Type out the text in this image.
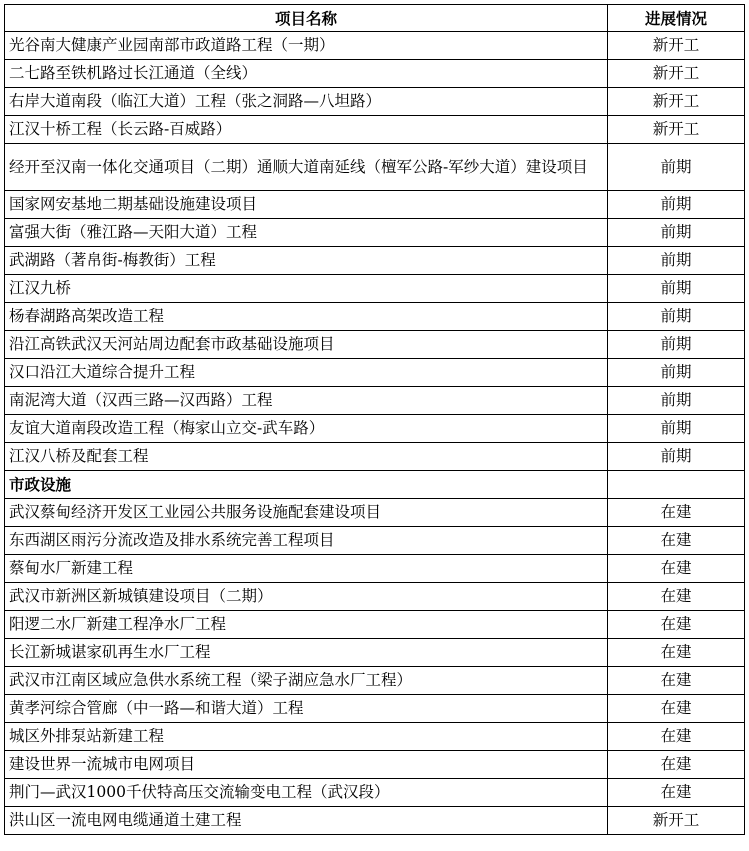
项目名称	进展情况
光谷南大健康产业园南部市政道路工程（一期）	新开工
二七路至铁机路过长江通道（全线）	新开工
右岸大道南段（临江大道）工程（张之洞路—八坦路）	新开工
江汉十桥工程（长云路-百威路）	新开工
经开至汉南一体化交通项目（二期）通顺大道南延线（檀军公路-军纱大道）建设项目	前期
国家网安基地二期基础设施建设项目	前期
富强大街（雅江路—天阳大道）工程	前期
武湖路（著帛街-梅教街）工程	前期
江汉九桥	前期
杨春湖路高架改造工程	前期
沿江高铁武汉天河站周边配套市政基础设施项目	前期
汉口沿江大道综合提升工程	前期
南泥湾大道（汉西三路—汉西路）工程	前期
友谊大道南段改造工程（梅家山立交-武车路）	前期
江汉八桥及配套工程	前期
市政设施	
武汉蔡甸经济开发区工业园公共服务设施配套建设项目	在建
东西湖区雨污分流改造及排水系统完善工程项目	在建
蔡甸水厂新建工程	在建
武汉市新洲区新城镇建设项目（二期）	在建
阳逻二水厂新建工程净水厂工程	在建
长江新城谌家矶再生水厂工程	在建
武汉市江南区域应急供水系统工程（梁子湖应急水厂工程）	在建
黄孝河综合管廊（中一路—和谐大道）工程	在建
城区外排泵站新建工程	在建
建设世界一流城市电网项目	在建
荆门—武汉1000千伏特高压交流输变电工程（武汉段）	在建
洪山区一流电网电缆通道土建工程	新开工
